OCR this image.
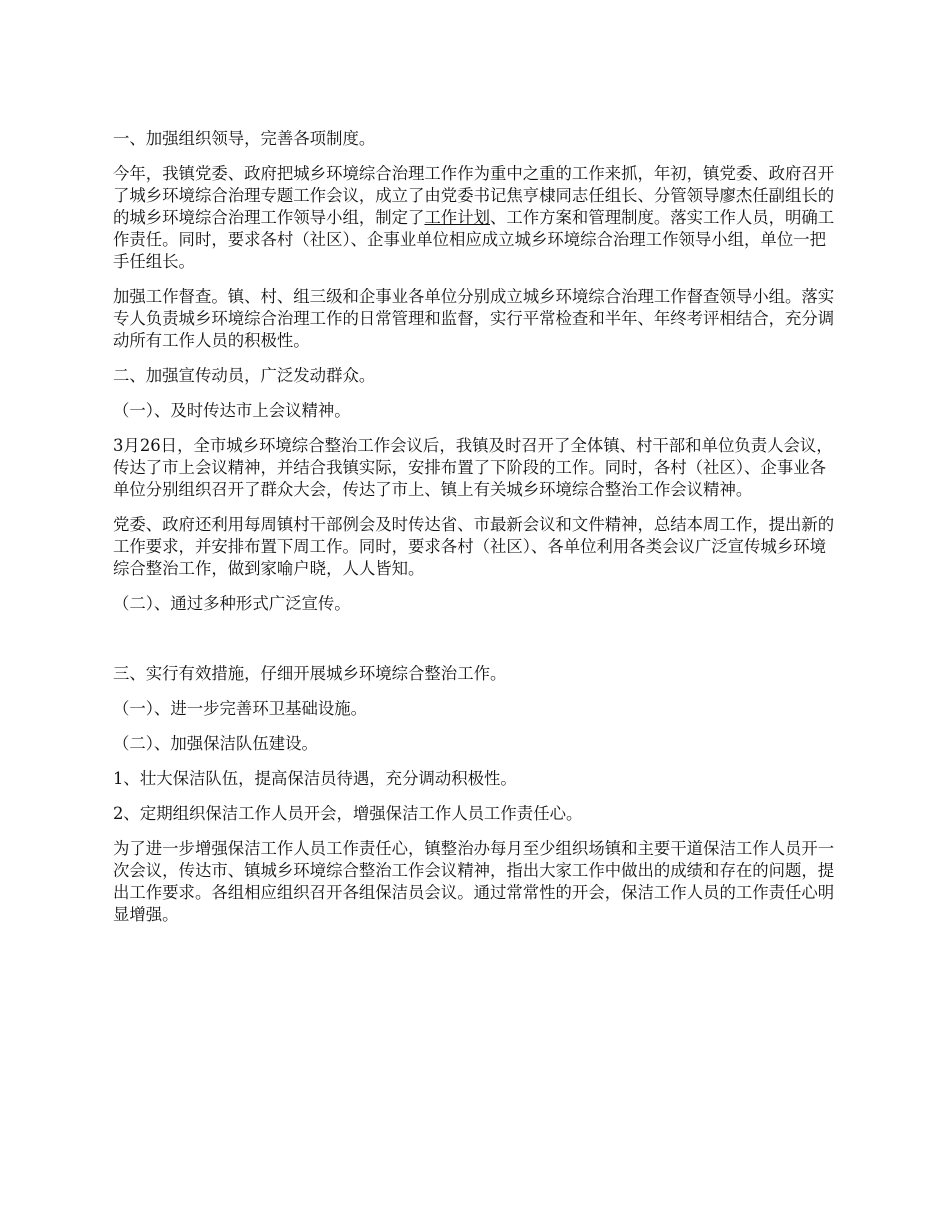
一、加强组织领导，完善各项制度。

今年，我镇党委、政府把城乡环境综合治理工作作为重中之重的工作来抓，年初，镇党委、政府召开了城乡环境综合治理专题工作会议，成立了由党委书记焦亨棣同志任组长、分管领导廖杰任副组长的的城乡环境综合治理工作领导小组，制定了工作计划、工作方案和管理制度。落实工作人员，明确工作责任。同时，要求各村（社区）、企事业单位相应成立城乡环境综合治理工作领导小组，单位一把手任组长。

加强工作督查。镇、村、组三级和企事业各单位分别成立城乡环境综合治理工作督查领导小组。落实专人负责城乡环境综合治理工作的日常管理和监督，实行平常检查和半年、年终考评相结合，充分调动所有工作人员的积极性。

二、加强宣传动员，广泛发动群众。

（一）、及时传达市上会议精神。

3月26日，全市城乡环境综合整治工作会议后，我镇及时召开了全体镇、村干部和单位负责人会议，传达了市上会议精神，并结合我镇实际，安排布置了下阶段的工作。同时，各村（社区）、企事业各单位分别组织召开了群众大会，传达了市上、镇上有关城乡环境综合整治工作会议精神。

党委、政府还利用每周镇村干部例会及时传达省、市最新会议和文件精神，总结本周工作，提出新的工作要求，并安排布置下周工作。同时，要求各村（社区）、各单位利用各类会议广泛宣传城乡环境综合整治工作，做到家喻户晓，人人皆知。

（二）、通过多种形式广泛宣传。

三、实行有效措施，仔细开展城乡环境综合整治工作。

（一）、进一步完善环卫基础设施。

（二）、加强保洁队伍建设。

1、壮大保洁队伍，提高保洁员待遇，充分调动积极性。

2、定期组织保洁工作人员开会，增强保洁工作人员工作责任心。

为了进一步增强保洁工作人员工作责任心，镇整治办每月至少组织场镇和主要干道保洁工作人员开一次会议，传达市、镇城乡环境综合整治工作会议精神，指出大家工作中做出的成绩和存在的问题，提出工作要求。各组相应组织召开各组保洁员会议。通过常常性的开会，保洁工作人员的工作责任心明显增强。
